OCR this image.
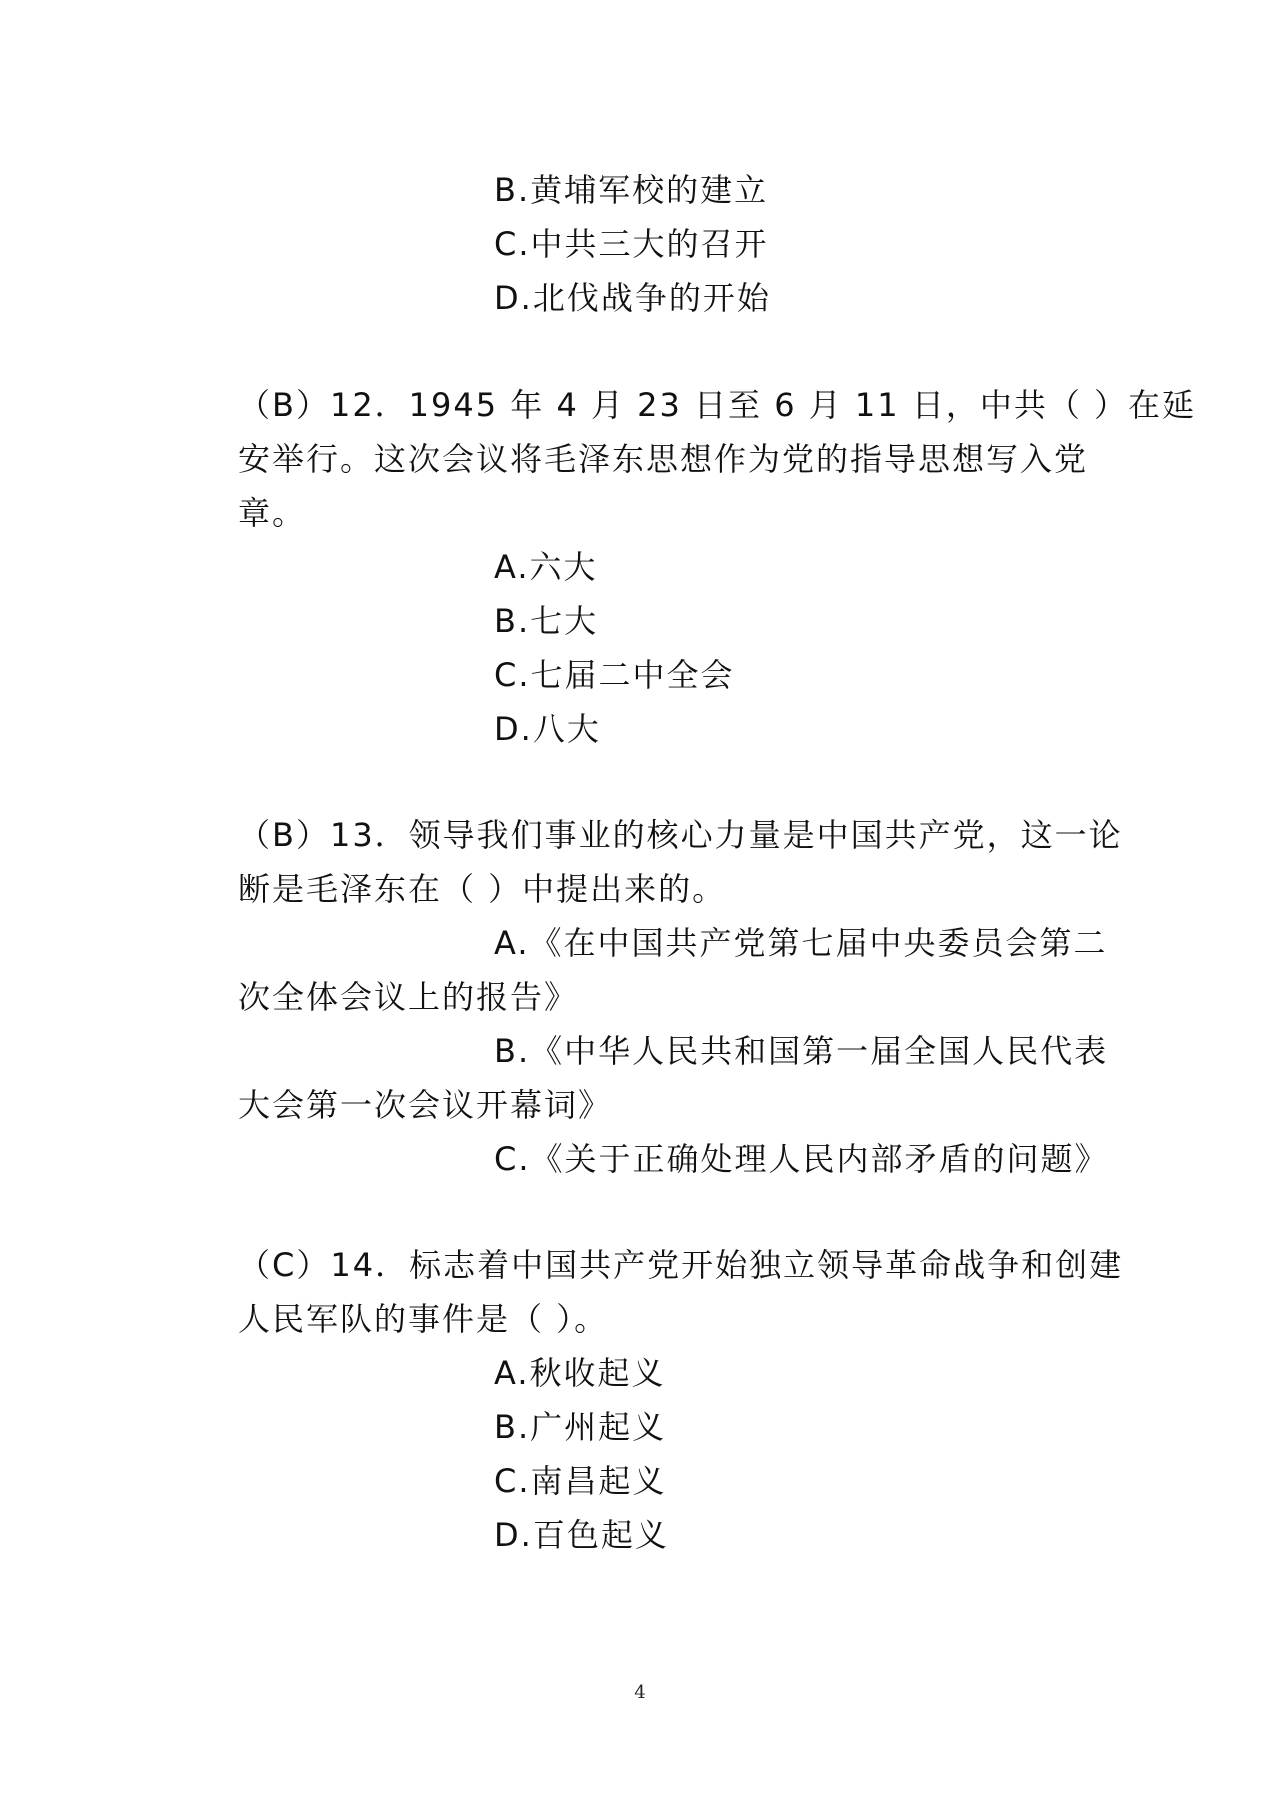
B.黄埔军校的建立
C.中共三大的召开
D.北伐战争的开始
（B）12．1945 年 4 月 23 日至 6 月 11 日，中共（ ）在延
安举行。这次会议将毛泽东思想作为党的指导思想写入党
章。
A.六大
B.七大
C.七届二中全会
D.八大
（B）13．领导我们事业的核心力量是中国共产党，这一论
断是毛泽东在（ ）中提出来的。
A.《在中国共产党第七届中央委员会第二
次全体会议上的报告》
B.《中华人民共和国第一届全国人民代表
大会第一次会议开幕词》
C.《关于正确处理人民内部矛盾的问题》
（C）14．标志着中国共产党开始独立领导革命战争和创建
人民军队的事件是（ ）。
A.秋收起义
B.广州起义
C.南昌起义
D.百色起义
4
